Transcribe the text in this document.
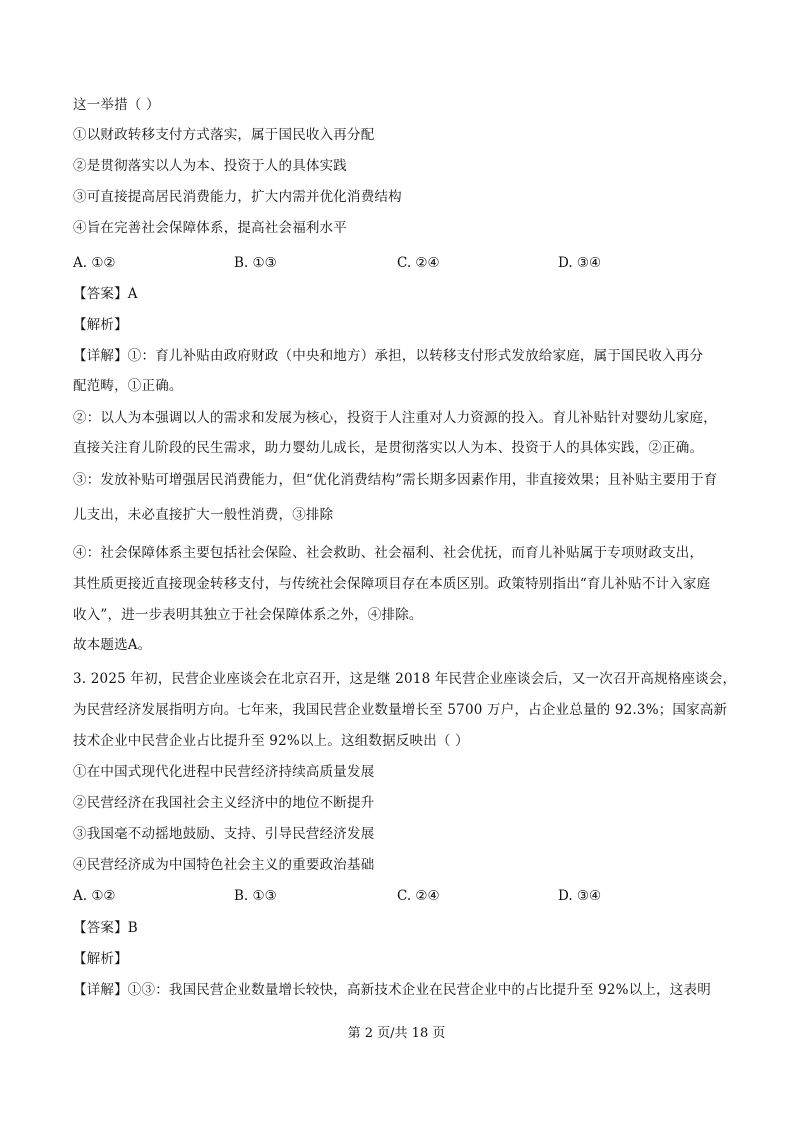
这一举措（ ）
①以财政转移支付方式落实，属于国民收入再分配
②是贯彻落实以人为本、投资于人的具体实践
③可直接提高居民消费能力，扩大内需并优化消费结构
④旨在完善社会保障体系，提高社会福利水平
A. ①②	B. ①③	C. ②④	D. ③④
【答案】A
【解析】
【详解】①：育儿补贴由政府财政（中央和地方）承担，以转移支付形式发放给家庭，属于国民收入再分
配范畴，①正确。
②：以人为本强调以人的需求和发展为核心，投资于人注重对人力资源的投入。育儿补贴针对婴幼儿家庭，
直接关注育儿阶段的民生需求，助力婴幼儿成长，是贯彻落实以人为本、投资于人的具体实践，②正确。
③：发放补贴可增强居民消费能力，但“优化消费结构”需长期多因素作用，非直接效果；且补贴主要用于育
儿支出，未必直接扩大一般性消费，③排除
④：社会保障体系主要包括社会保险、社会救助、社会福利、社会优抚，而育儿补贴属于专项财政支出，
其性质更接近直接现金转移支付，与传统社会保障项目存在本质区别。政策特别指出“育儿补贴不计入家庭
收入”，进一步表明其独立于社会保障体系之外，④排除。
故本题选A。
3. 2025 年初，民营企业座谈会在北京召开，这是继 2018 年民营企业座谈会后，又一次召开高规格座谈会，
为民营经济发展指明方向。七年来，我国民营企业数量增长至 5700 万户，占企业总量的 92.3%；国家高新
技术企业中民营企业占比提升至 92%以上。这组数据反映出（ ）
①在中国式现代化进程中民营经济持续高质量发展
②民营经济在我国社会主义经济中的地位不断提升
③我国毫不动摇地鼓励、支持、引导民营经济发展
④民营经济成为中国特色社会主义的重要政治基础
A. ①②	B. ①③	C. ②④	D. ③④
【答案】B
【解析】
【详解】①③：我国民营企业数量增长较快，高新技术企业在民营企业中的占比提升至 92%以上，这表明
第 2 页/共 18 页
